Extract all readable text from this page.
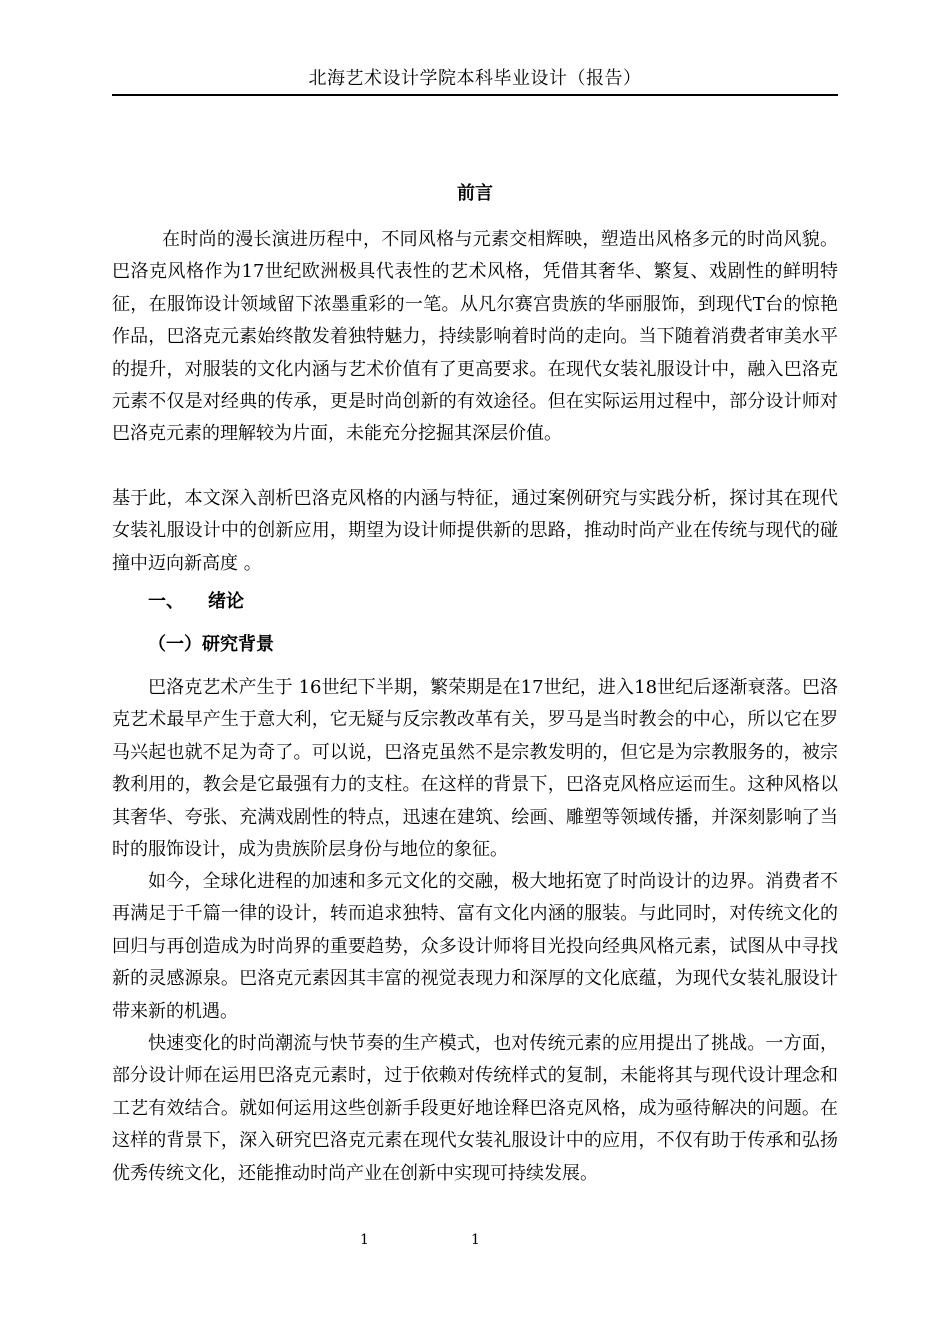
北海艺术设计学院本科毕业设计（报告）
前言

在时尚的漫长演进历程中，不同风格与元素交相辉映，塑造出风格多元的时尚风貌。巴洛克风格作为17世纪欧洲极具代表性的艺术风格，凭借其奢华、繁复、戏剧性的鲜明特征，在服饰设计领域留下浓墨重彩的一笔。从凡尔赛宫贵族的华丽服饰，到现代T台的惊艳作品，巴洛克元素始终散发着独特魅力，持续影响着时尚的走向。当下随着消费者审美水平的提升，对服装的文化内涵与艺术价值有了更高要求。在现代女装礼服设计中，融入巴洛克元素不仅是对经典的传承，更是时尚创新的有效途径。但在实际运用过程中，部分设计师对巴洛克元素的理解较为片面，未能充分挖掘其深层价值。

基于此，本文深入剖析巴洛克风格的内涵与特征，通过案例研究与实践分析，探讨其在现代女装礼服设计中的创新应用，期望为设计师提供新的思路，推动时尚产业在传统与现代的碰撞中迈向新高度 。

一、 绪论
（一）研究背景

巴洛克艺术产生于 16世纪下半期，繁荣期是在17世纪，进入18世纪后逐渐衰落。巴洛克艺术最早产生于意大利，它无疑与反宗教改革有关，罗马是当时教会的中心，所以它在罗马兴起也就不足为奇了。可以说，巴洛克虽然不是宗教发明的，但它是为宗教服务的，被宗教利用的，教会是它最强有力的支柱。在这样的背景下，巴洛克风格应运而生。这种风格以其奢华、夸张、充满戏剧性的特点，迅速在建筑、绘画、雕塑等领域传播，并深刻影响了当时的服饰设计，成为贵族阶层身份与地位的象征。

如今，全球化进程的加速和多元文化的交融，极大地拓宽了时尚设计的边界。消费者不再满足于千篇一律的设计，转而追求独特、富有文化内涵的服装。与此同时，对传统文化的回归与再创造成为时尚界的重要趋势，众多设计师将目光投向经典风格元素，试图从中寻找新的灵感源泉。巴洛克元素因其丰富的视觉表现力和深厚的文化底蕴，为现代女装礼服设计带来新的机遇。

快速变化的时尚潮流与快节奏的生产模式，也对传统元素的应用提出了挑战。一方面，部分设计师在运用巴洛克元素时，过于依赖对传统样式的复制，未能将其与现代设计理念和工艺有效结合。就如何运用这些创新手段更好地诠释巴洛克风格，成为亟待解决的问题。在这样的背景下，深入研究巴洛克元素在现代女装礼服设计中的应用，不仅有助于传承和弘扬优秀传统文化，还能推动时尚产业在创新中实现可持续发展。

1	1
